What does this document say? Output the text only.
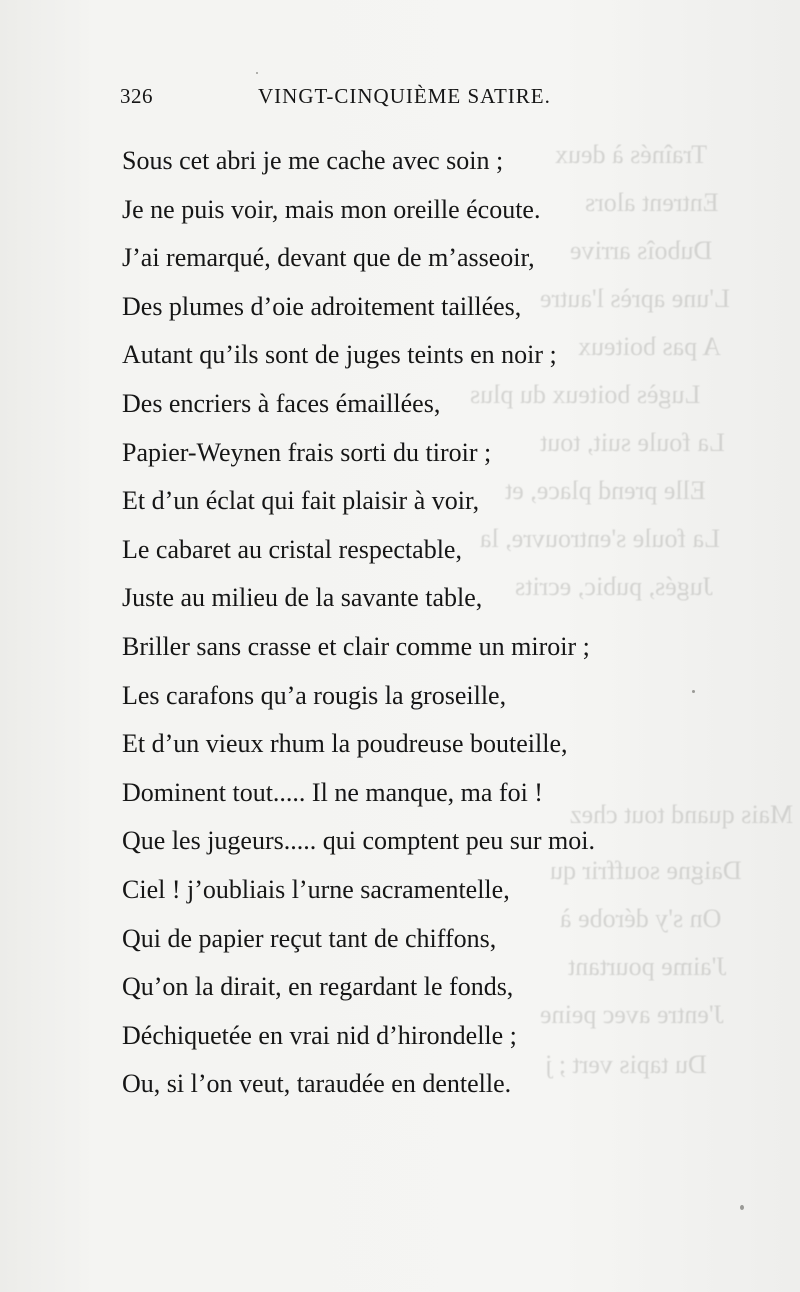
Traînés à deux
Entrent alors
Duboîs arrive
L'une après l'autre
A pas boiteux
Lugès boiteux du plus
La foule suit, tout
Elle prend place, et
La foule s'entrouvre, la
Jugés, pubic, ecrits
Mais quand tout chez
Daigne souffrir qu
On s'y dérobe à
J'aime pourtant
J'entre avec peine
Du tapis vert ; j
326	VINGT-CINQUIÈME SATIRE.
Sous cet abri je me cache avec soin ;
Je ne puis voir, mais mon oreille écoute.
J’ai remarqué, devant que de m’asseoir,
Des plumes d’oie adroitement taillées,
Autant qu’ils sont de juges teints en noir ;
Des encriers à faces émaillées,
Papier-Weynen frais sorti du tiroir ;
Et d’un éclat qui fait plaisir à voir,
Le cabaret au cristal respectable,
Juste au milieu de la savante table,
Briller sans crasse et clair comme un miroir ;
Les carafons qu’a rougis la groseille,
Et d’un vieux rhum la poudreuse bouteille,
Dominent tout..... Il ne manque, ma foi !
Que les jugeurs..... qui comptent peu sur moi.
Ciel ! j’oubliais l’urne sacramentelle,
Qui de papier reçut tant de chiffons,
Qu’on la dirait, en regardant le fonds,
Déchiquetée en vrai nid d’hirondelle ;
Ou, si l’on veut, taraudée en dentelle.
